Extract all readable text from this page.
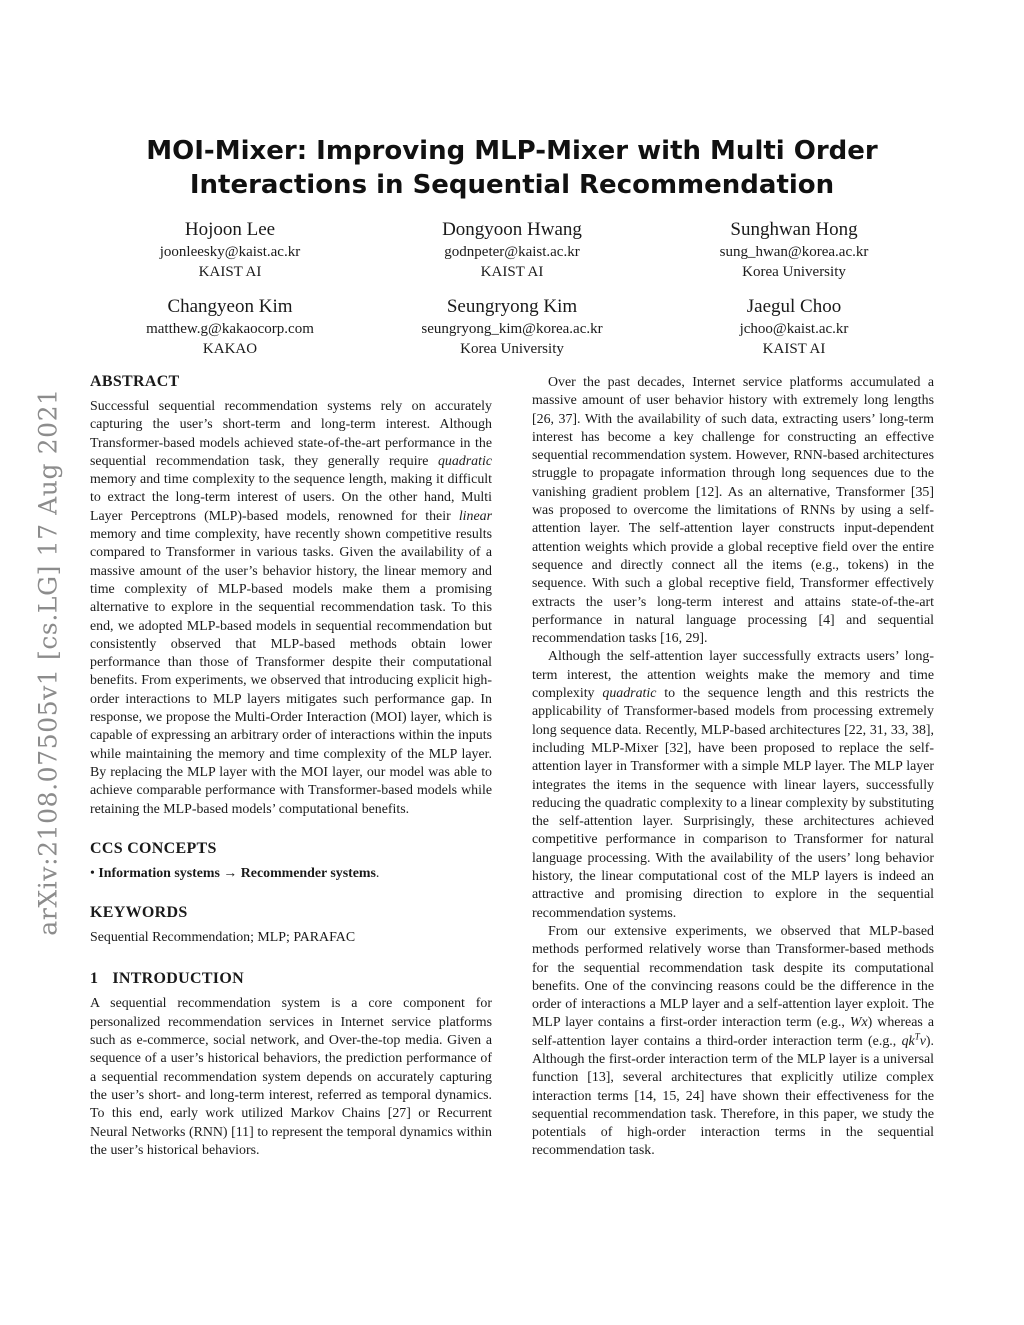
arXiv:2108.07505v1 [cs.LG] 17 Aug 2021
MOI-Mixer: Improving MLP-Mixer with Multi Order
Interactions in Sequential Recommendation
Hojoon Lee
joonleesky@kaist.ac.kr
KAIST AI
Dongyoon Hwang
godnpeter@kaist.ac.kr
KAIST AI
Sunghwan Hong
sung_hwan@korea.ac.kr
Korea University
Changyeon Kim
matthew.g@kakaocorp.com
KAKAO
Seungryong Kim
seungryong_kim@korea.ac.kr
Korea University
Jaegul Choo
jchoo@kaist.ac.kr
KAIST AI
ABSTRACT

Successful sequential recommendation systems rely on accurately capturing the user’s short-term and long-term interest. Although Transformer-based models achieved state-of-the-art performance in the sequential recommendation task, they generally require quadratic memory and time complexity to the sequence length, making it difficult to extract the long-term interest of users. On the other hand, Multi Layer Perceptrons (MLP)-based models, renowned for their linear memory and time complexity, have recently shown competitive results compared to Transformer in various tasks. Given the availability of a massive amount of the user’s behavior history, the linear memory and time complexity of MLP-based models make them a promising alternative to explore in the sequential recommendation task. To this end, we adopted MLP-based models in sequential recommendation but consistently observed that MLP-based methods obtain lower performance than those of Transformer despite their computational benefits. From experiments, we observed that introducing explicit high-order interactions to MLP layers mitigates such performance gap. In response, we propose the Multi-Order Interaction (MOI) layer, which is capable of expressing an arbitrary order of interactions within the inputs while maintaining the memory and time complexity of the MLP layer. By replacing the MLP layer with the MOI layer, our model was able to achieve comparable performance with Transformer-based models while retaining the MLP-based models’ computational benefits.

CCS CONCEPTS

• Information systems → Recommender systems.

KEYWORDS

Sequential Recommendation; MLP; PARAFAC

1 INTRODUCTION

A sequential recommendation system is a core component for personalized recommendation services in Internet service platforms such as e-commerce, social network, and Over-the-top media. Given a sequence of a user’s historical behaviors, the prediction performance of a sequential recommendation system depends on accurately capturing the user’s short- and long-term interest, referred as temporal dynamics. To this end, early work utilized Markov Chains [27] or Recurrent Neural Networks (RNN) [11] to represent the temporal dynamics within the user’s historical behaviors.

Over the past decades, Internet service platforms accumulated a massive amount of user behavior history with extremely long lengths [26, 37]. With the availability of such data, extracting users’ long-term interest has become a key challenge for constructing an effective sequential recommendation system. However, RNN-based architectures struggle to propagate information through long sequences due to the vanishing gradient problem [12]. As an alternative, Transformer [35] was proposed to overcome the limitations of RNNs by using a self-attention layer. The self-attention layer constructs input-dependent attention weights which provide a global receptive field over the entire sequence and directly connect all the items (e.g., tokens) in the sequence. With such a global receptive field, Transformer effectively extracts the user’s long-term interest and attains state-of-the-art performance in natural language processing [4] and sequential recommendation tasks [16, 29].

Although the self-attention layer successfully extracts users’ long-term interest, the attention weights make the memory and time complexity quadratic to the sequence length and this restricts the applicability of Transformer-based models from processing extremely long sequence data. Recently, MLP-based architectures [22, 31, 33, 38], including MLP-Mixer [32], have been proposed to replace the self-attention layer in Transformer with a simple MLP layer. The MLP layer integrates the items in the sequence with linear layers, successfully reducing the quadratic complexity to a linear complexity by substituting the self-attention layer. Surprisingly, these architectures achieved competitive performance in comparison to Transformer for natural language processing. With the availability of the users’ long behavior history, the linear computational cost of the MLP layers is indeed an attractive and promising direction to explore in the sequential recommendation systems.

From our extensive experiments, we observed that MLP-based methods performed relatively worse than Transformer-based methods for the sequential recommendation task despite its computational benefits. One of the convincing reasons could be the difference in the order of interactions a MLP layer and a self-attention layer exploit. The MLP layer contains a first-order interaction term (e.g., Wx) whereas a self-attention layer contains a third-order interaction term (e.g., $qk^Tv$). Although the first-order interaction term of the MLP layer is a universal function [13], several architectures that explicitly utilize complex interaction terms [14, 15, 24] have shown their effectiveness for the sequential recommendation task. Therefore, in this paper, we study the potentials of high-order interaction terms in the sequential recommendation task.
